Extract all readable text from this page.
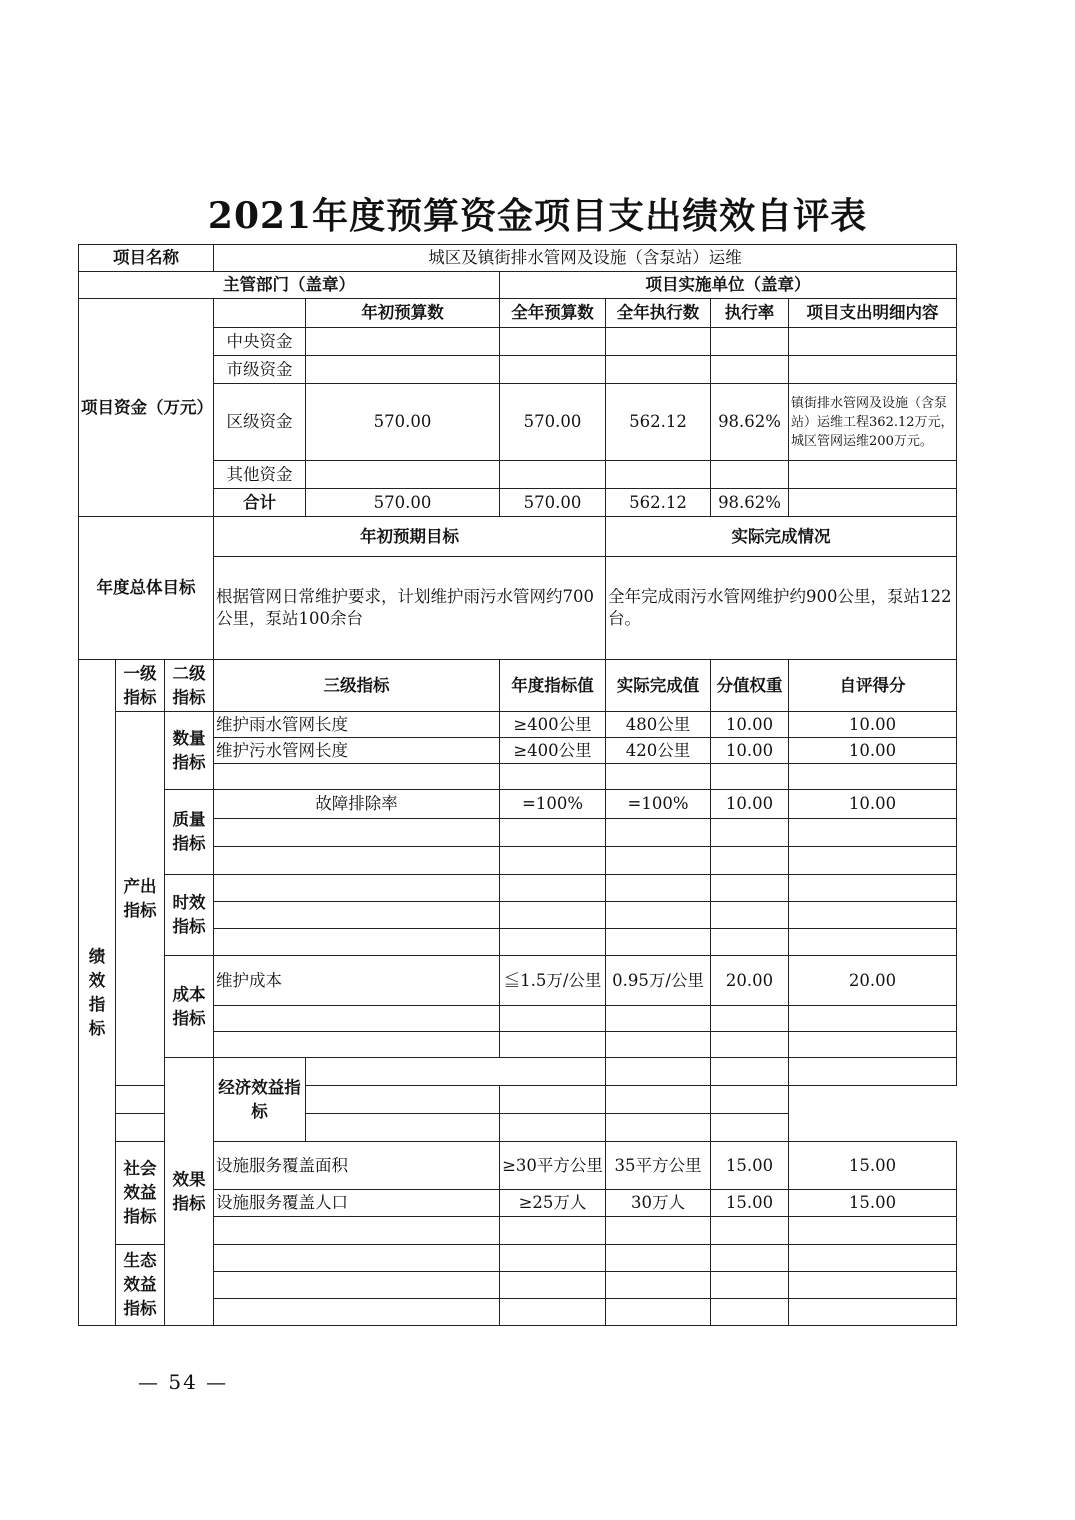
2021年度预算资金项目支出绩效自评表
项目名称			城区及镇街排水管网及设施（含泵站）运维						
主管部门（盖章）					项目实施单位（盖章）				
项目资金（万元）				年初预算数	全年预算数	全年执行数	执行率	项目支出明细内容	
			中央资金						
			市级资金						
			区级资金	570.00	570.00	562.12	98.62%	镇街排水管网及设施（含泵站）运维工程362.12万元，城区管网运维200万元。	
			其他资金						
			合计	570.00	570.00	562.12	98.62%		
年度总体目标			年初预期目标			实际完成情况			
			根据管网日常维护要求，计划维护雨污水管网约700公里，泵站100余台			全年完成雨污水管网维护约900公里，泵站122台。			
绩效指标	一级指标	二级指标	三级指标		年度指标值	实际完成值	分值权重	自评得分	
	产出指标	数量指标	维护雨水管网长度		≥400公里	480公里	10.00	10.00	
			维护污水管网长度		≥400公里	420公里	10.00	10.00	

		质量指标	故障排除率		=100%	=100%	10.00	10.00	

		时效指标							

		成本指标	维护成本		≦1.5万/公里	0.95万/公里	20.00	20.00	

		效果指标	经济效益指标						

	社会效益指标		设施服务覆盖面积		≥30平方公里	35平方公里	15.00	15.00	
			设施服务覆盖人口		≥25万人	30万人	15.00	15.00	

	生态效益指标								

— 54 —
